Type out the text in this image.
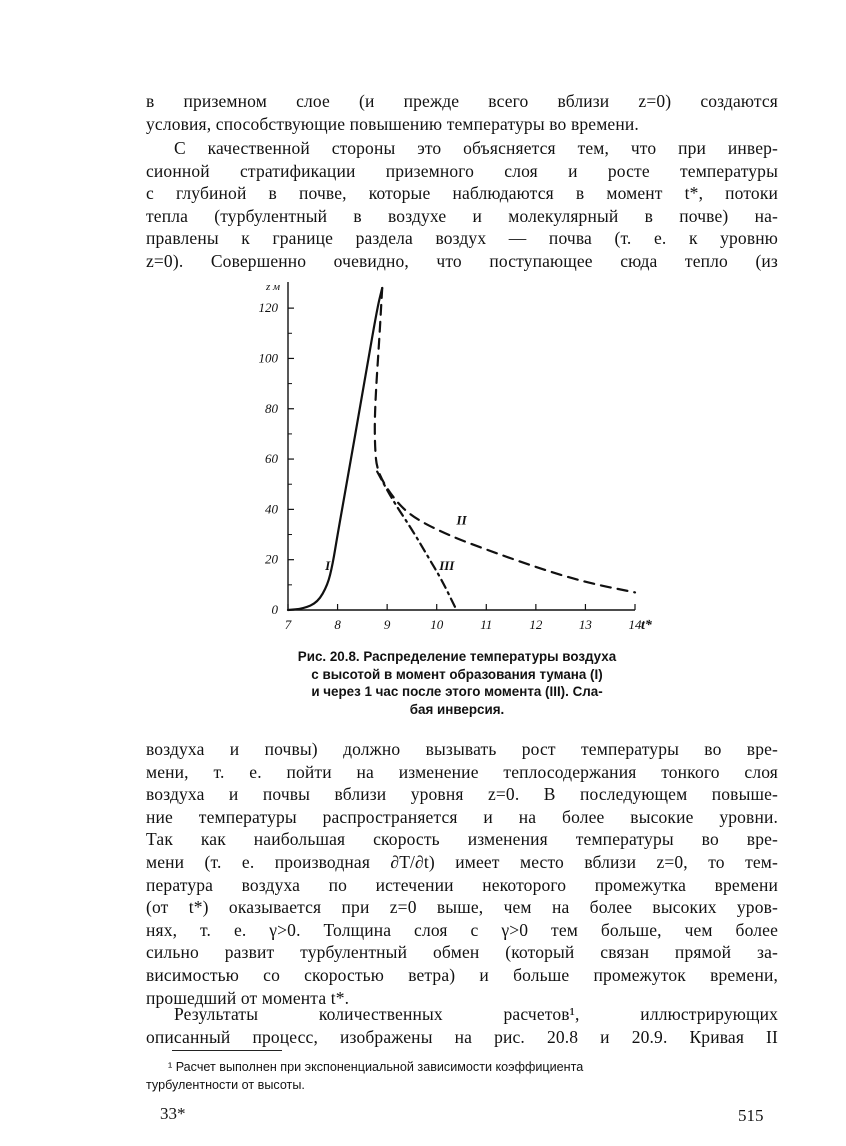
в приземном слое (и прежде всего вблизи z=0) создаются
условия, способствующие повышению температуры во времени.
С качественной стороны это объясняется тем, что при инвер-
сионной стратификации приземного слоя и росте температуры
с глубиной в почве, которые наблюдаются в момент t*, потоки
тепла (турбулентный в воздухе и молекулярный в почве) на-
правлены к границе раздела воздух — почва (т. е. к уровню
z=0). Совершенно очевидно, что поступающее сюда тепло (из
7	8	9	10	11	12	13	14
0
20
40
60
80
100
120
z м
t*
I
II
III
Рис. 20.8. Распределение температуры воздуха
с высотой в момент образования тумана (I)
и через 1 час после этого момента (III). Сла-
бая инверсия.
воздуха и почвы) должно вызывать рост температуры во вре-
мени, т. е. пойти на изменение теплосодержания тонкого слоя
воздуха и почвы вблизи уровня z=0. В последующем повыше-
ние температуры распространяется и на более высокие уровни.
Так как наибольшая скорость изменения температуры во вре-
мени (т. е. производная ∂T/∂t) имеет место вблизи z=0, то тем-
пература воздуха по истечении некоторого промежутка времени
(от t*) оказывается при z=0 выше, чем на более высоких уров-
нях, т. е. γ>0. Толщина слоя с γ>0 тем больше, чем более
сильно развит турбулентный обмен (который связан прямой за-
висимостью со скоростью ветра) и больше промежуток времени,
прошедший от момента t*.
Результаты количественных расчетов¹, иллюстрирующих
описанный процесс, изображены на рис. 20.8 и 20.9. Кривая II
¹ Расчет выполнен при экспоненциальной зависимости коэффициента
турбулентности от высоты.
33*	515
